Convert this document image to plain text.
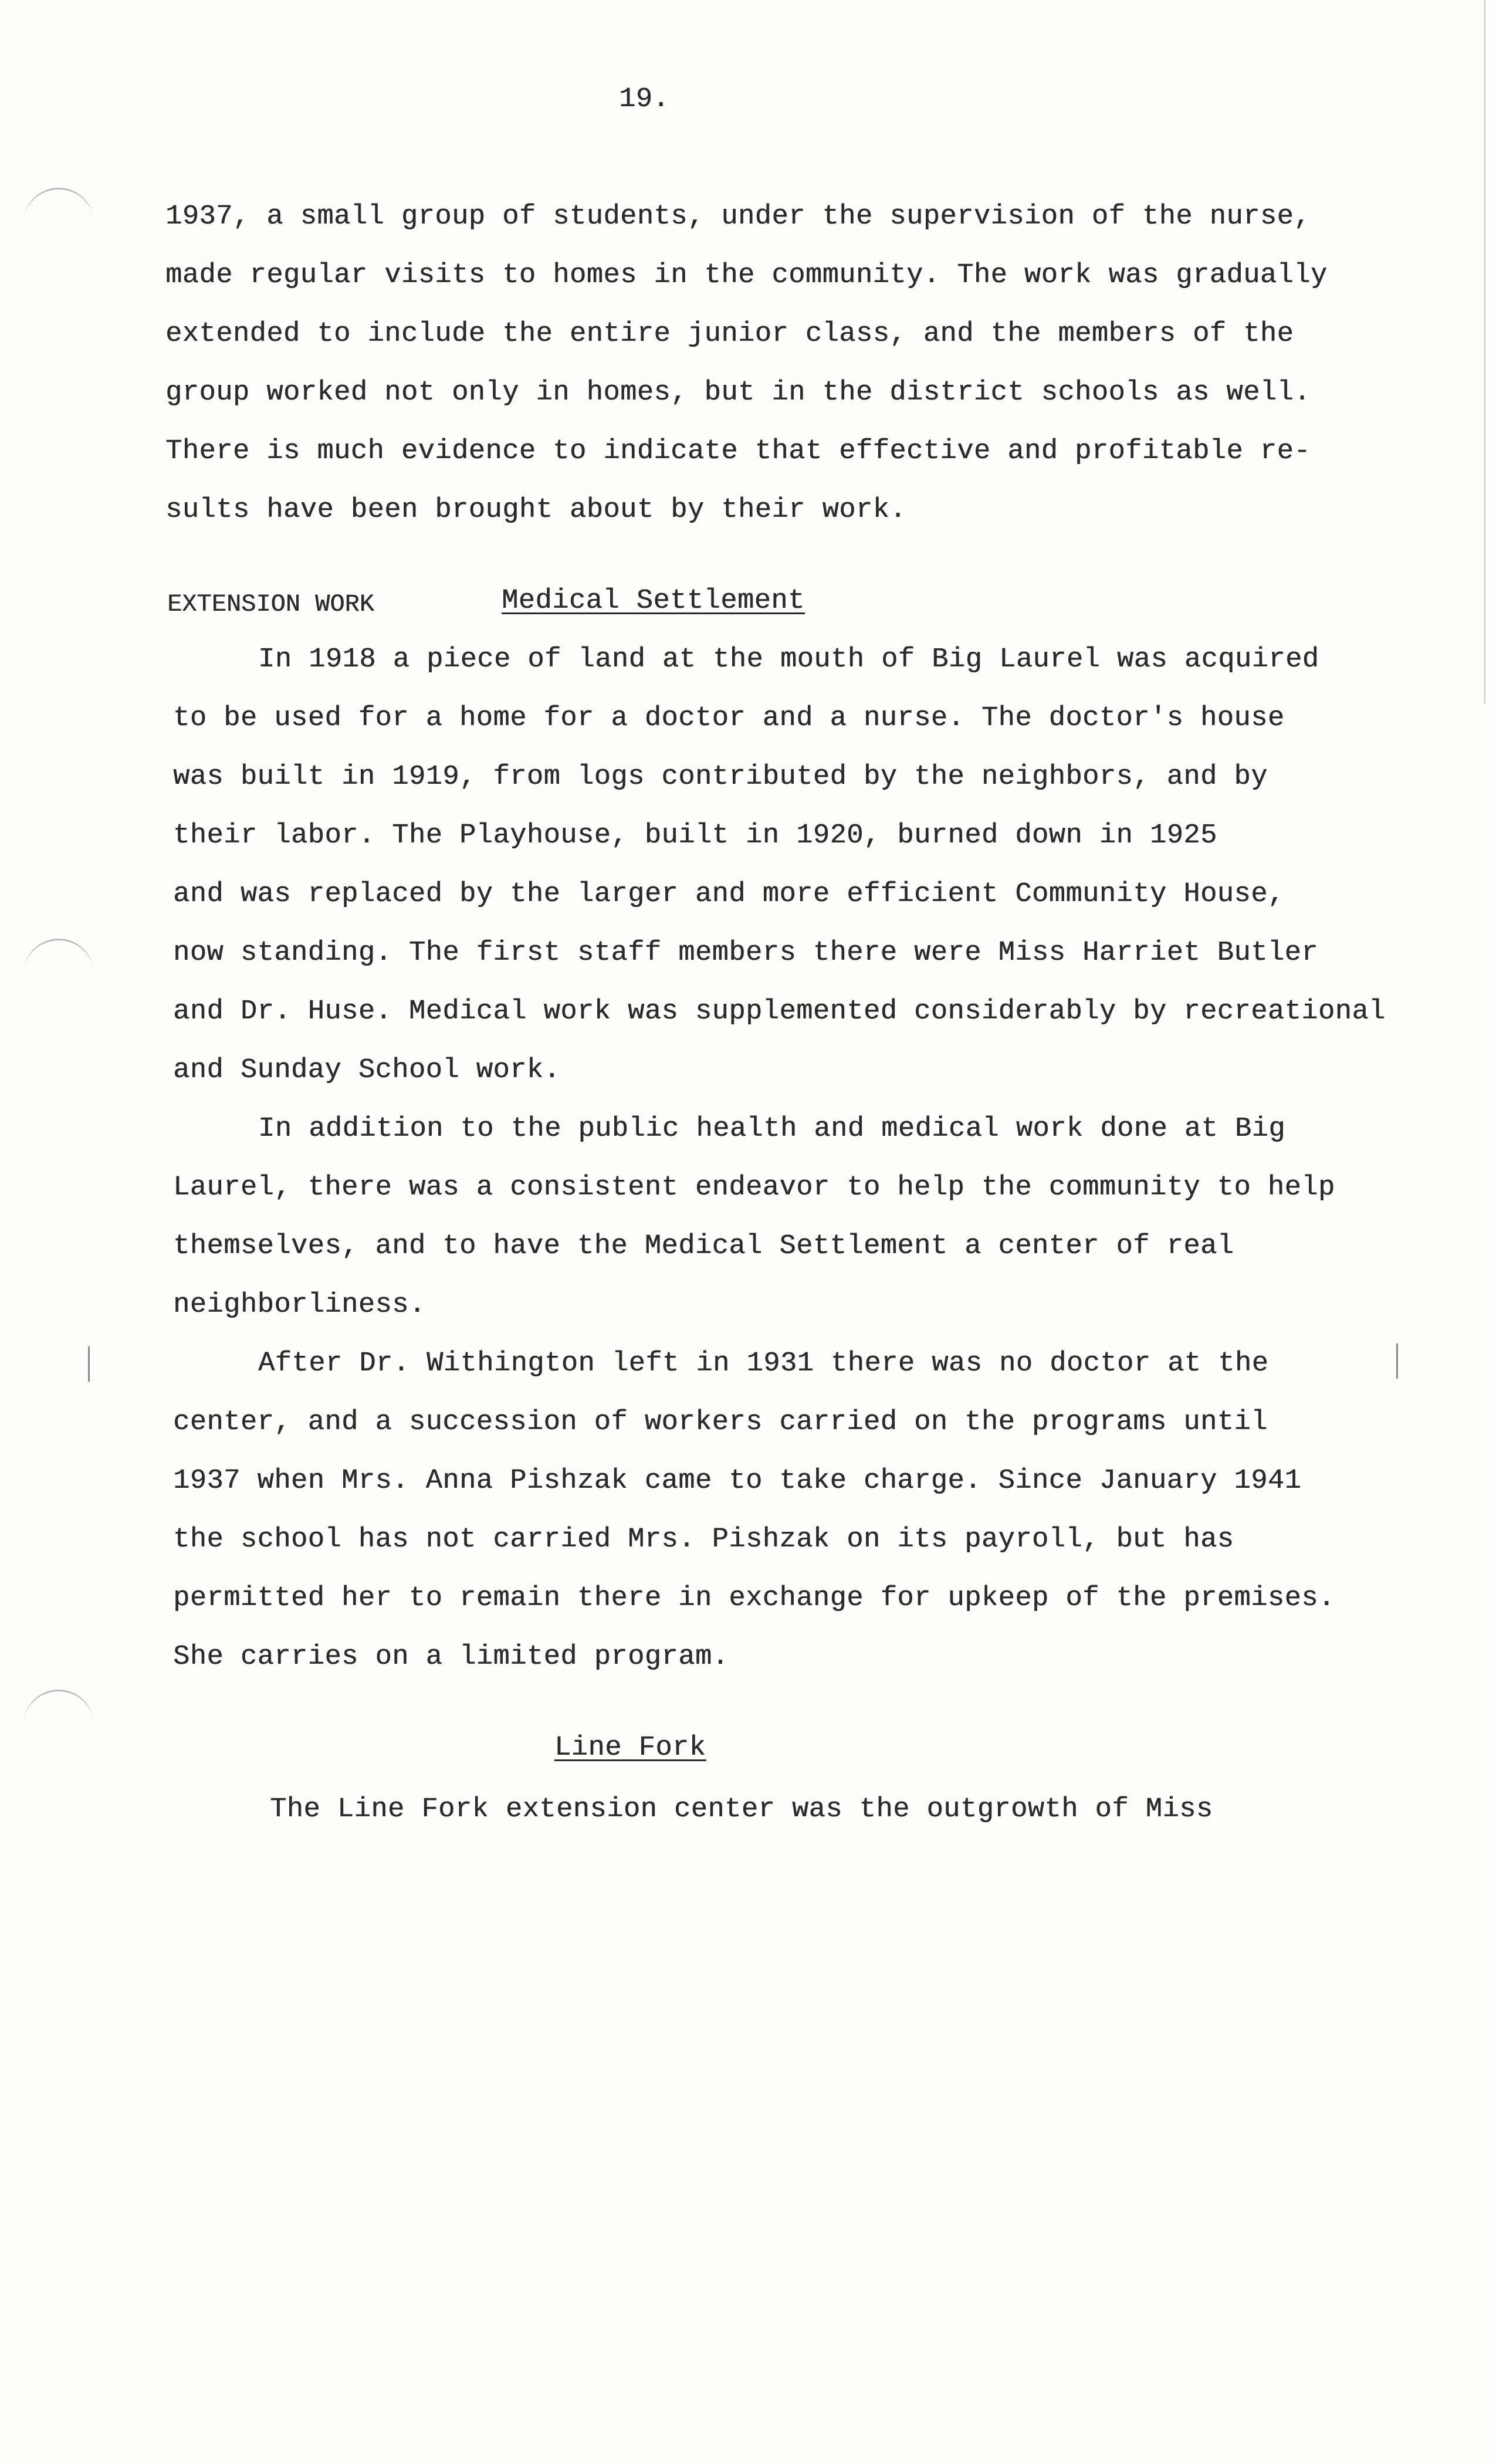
19.
1937, a small group of students, under the supervision of the nurse,
made regular visits to homes in the community. The work was gradually
extended to include the entire junior class, and the members of the
group worked not only in homes, but in the district schools as well.
There is much evidence to indicate that effective and profitable re-
sults have been brought about by their work.
EXTENSION WORK	Medical Settlement
In 1918 a piece of land at the mouth of Big Laurel was acquired
to be used for a home for a doctor and a nurse. The doctor's house
was built in 1919, from logs contributed by the neighbors, and by
their labor. The Playhouse, built in 1920, burned down in 1925
and was replaced by the larger and more efficient Community House,
now standing. The first staff members there were Miss Harriet Butler
and Dr. Huse. Medical work was supplemented considerably by recreational
and Sunday School work.
In addition to the public health and medical work done at Big
Laurel, there was a consistent endeavor to help the community to help
themselves, and to have the Medical Settlement a center of real
neighborliness.
After Dr. Withington left in 1931 there was no doctor at the
center, and a succession of workers carried on the programs until
1937 when Mrs. Anna Pishzak came to take charge. Since January 1941
the school has not carried Mrs. Pishzak on its payroll, but has
permitted her to remain there in exchange for upkeep of the premises.
She carries on a limited program.
Line Fork
The Line Fork extension center was the outgrowth of Miss
